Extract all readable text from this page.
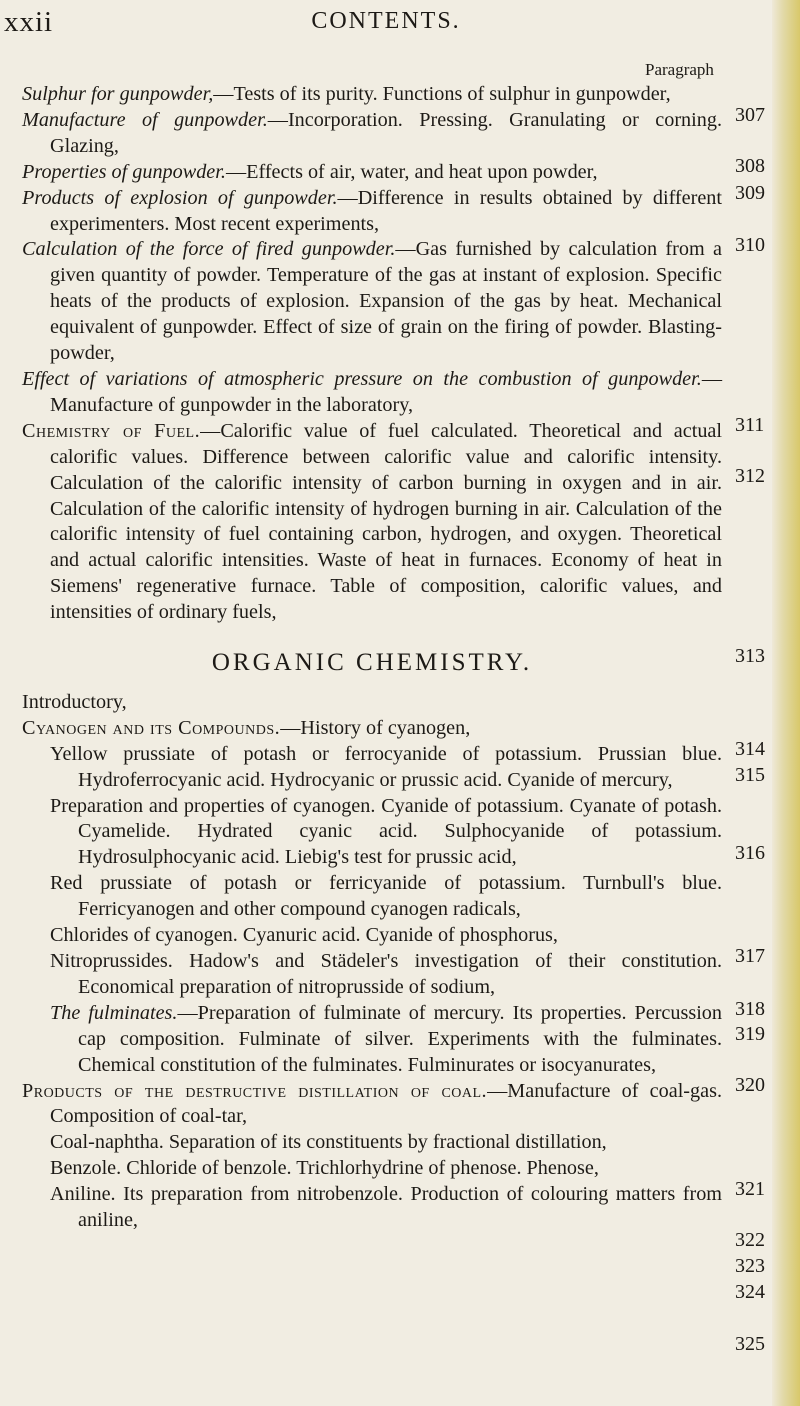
xxii	CONTENTS.
Paragraph

Sulphur for gunpowder,—Tests of its purity. Functions of sulphur in gunpowder,

Manufacture of gunpowder.—Incorporation. Pressing. Granulating or corning. Glazing,

Properties of gunpowder.—Effects of air, water, and heat upon powder,

Products of explosion of gunpowder.—Difference in results obtained by different experimenters. Most recent experiments,

Calculation of the force of fired gunpowder.—Gas furnished by calculation from a given quantity of powder. Temperature of the gas at instant of explosion. Specific heats of the products of explosion. Expansion of the gas by heat. Mechanical equivalent of gunpowder. Effect of size of grain on the firing of powder. Blasting-powder,

Effect of variations of atmospheric pressure on the combustion of gunpowder.—Manufacture of gunpowder in the laboratory,

Chemistry of Fuel.—Calorific value of fuel calculated. Theoretical and actual calorific values. Difference between calorific value and calorific intensity. Calculation of the calorific intensity of carbon burning in oxygen and in air. Calculation of the calorific intensity of hydrogen burning in air. Calculation of the calorific intensity of fuel containing carbon, hydrogen, and oxygen. Theoretical and actual calorific intensities. Waste of heat in furnaces. Economy of heat in Siemens' regenerative furnace. Table of composition, calorific values, and intensities of ordinary fuels,

ORGANIC CHEMISTRY.

Introductory,

Cyanogen and its Compounds.—History of cyanogen,

Yellow prussiate of potash or ferrocyanide of potassium. Prussian blue. Hydroferrocyanic acid. Hydrocyanic or prussic acid. Cyanide of mercury,

Preparation and properties of cyanogen. Cyanide of potassium. Cyanate of potash. Cyamelide. Hydrated cyanic acid. Sulphocyanide of potassium. Hydrosulphocyanic acid. Liebig's test for prussic acid,

Red prussiate of potash or ferricyanide of potassium. Turnbull's blue. Ferricyanogen and other compound cyanogen radicals,

Chlorides of cyanogen. Cyanuric acid. Cyanide of phosphorus,

Nitroprussides. Hadow's and Städeler's investigation of their constitution. Economical preparation of nitroprusside of sodium,

The fulminates.—Preparation of fulminate of mercury. Its properties. Percussion cap composition. Fulminate of silver. Experiments with the fulminates. Chemical constitution of the fulminates. Fulminurates or isocyanurates,

Products of the destructive distillation of coal.—Manufacture of coal-gas. Composition of coal-tar,

Coal-naphtha. Separation of its constituents by fractional distillation,

Benzole. Chloride of benzole. Trichlorhydrine of phenose. Phenose,

Aniline. Its preparation from nitrobenzole. Production of colouring matters from aniline,

307
308
309
310
311
312
313
314
315
316
317
318
319
320
321
322
323
324
325
